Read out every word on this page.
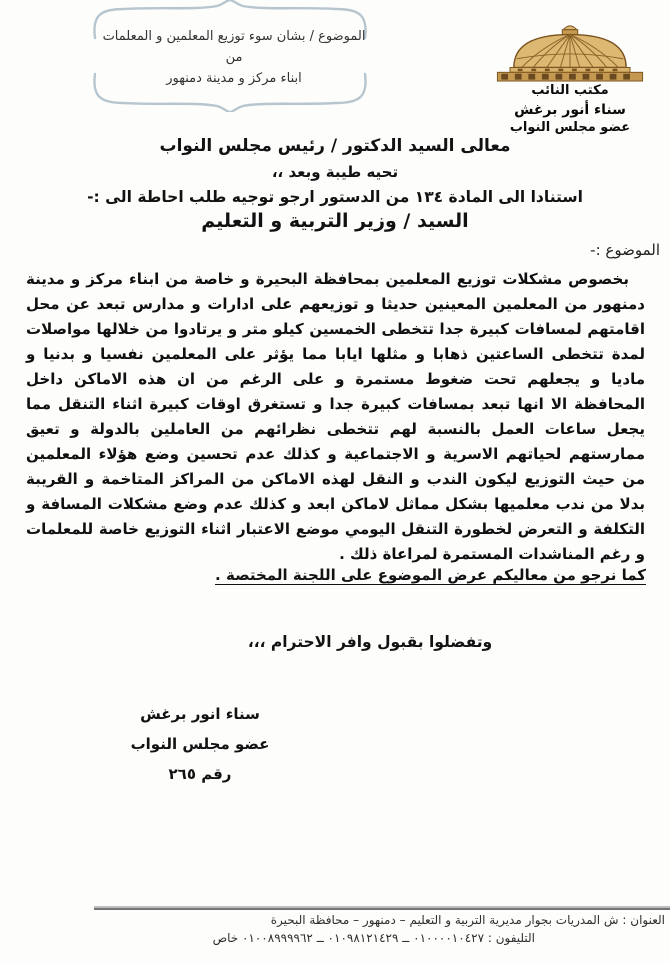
الموضوع / بشان سوء توزيع المعلمين و المعلمات من
ابناء مركز و مدينة دمنهور
مكتب النائب
سناء أنور برغش
عضو مجلس النواب

معالى السيد الدكتور / رئيس مجلس النواب

تحيه طيبة وبعد ،،

استنادا الى المادة ١٣٤ من الدستور ارجو توجيه طلب احاطة الى :-

السيد / وزير التربية و التعليم

الموضوع :-
بخصوص مشكلات توزيع المعلمين بمحافظة البحيرة و خاصة من ابناء مركز و مدينة دمنهور من المعلمين المعينين حديثا و توزيعهم على ادارات و مدارس تبعد عن محل اقامتهم لمسافات كبيرة جدا تتخطى الخمسين كيلو متر و يرتادوا من خلالها مواصلات لمدة تتخطى الساعتين ذهابا و مثلها ايابا مما يؤثر على المعلمين نفسيا و بدنيا و ماديا و يجعلهم تحت ضغوط مستمرة و على الرغم من ان هذه الاماكن داخل المحافظة الا انها تبعد بمسافات كبيرة جدا و تستغرق اوقات كبيرة اثناء التنقل مما يجعل ساعات العمل بالنسبة لهم تتخطى نظرائهم من العاملين بالدولة و تعيق ممارستهم لحياتهم الاسرية و الاجتماعية و كذلك عدم تحسين وضع هؤلاء المعلمين من حيث التوزيع ليكون الندب و النقل لهذه الاماكن من المراكز المتاخمة و القريبة بدلا من ندب معلميها بشكل مماثل لاماكن ابعد و كذلك عدم وضع مشكلات المسافة و التكلفة و التعرض لخطورة التنقل اليومي موضع الاعتبار اثناء التوزيع خاصة للمعلمات و رغم المناشدات المستمرة لمراعاة ذلك .
كما نرجو من معاليكم عرض الموضوع على اللجنة المختصة .
وتفضلوا بقبول وافر الاحترام ،،،
سناء انور برغش
عضو مجلس النواب
رقم ٢٦٥
العنوان : ش المدريات بجوار مديرية التربية و التعليم – دمنهور – محافظة البحيرة
التليفون : ٠١٠٠٠٠١٠٤٢٧ ــ ٠١٠٩٨١٢١٤٢٩ ــ ٠١٠٠٨٩٩٩٩٦٢ خاص
